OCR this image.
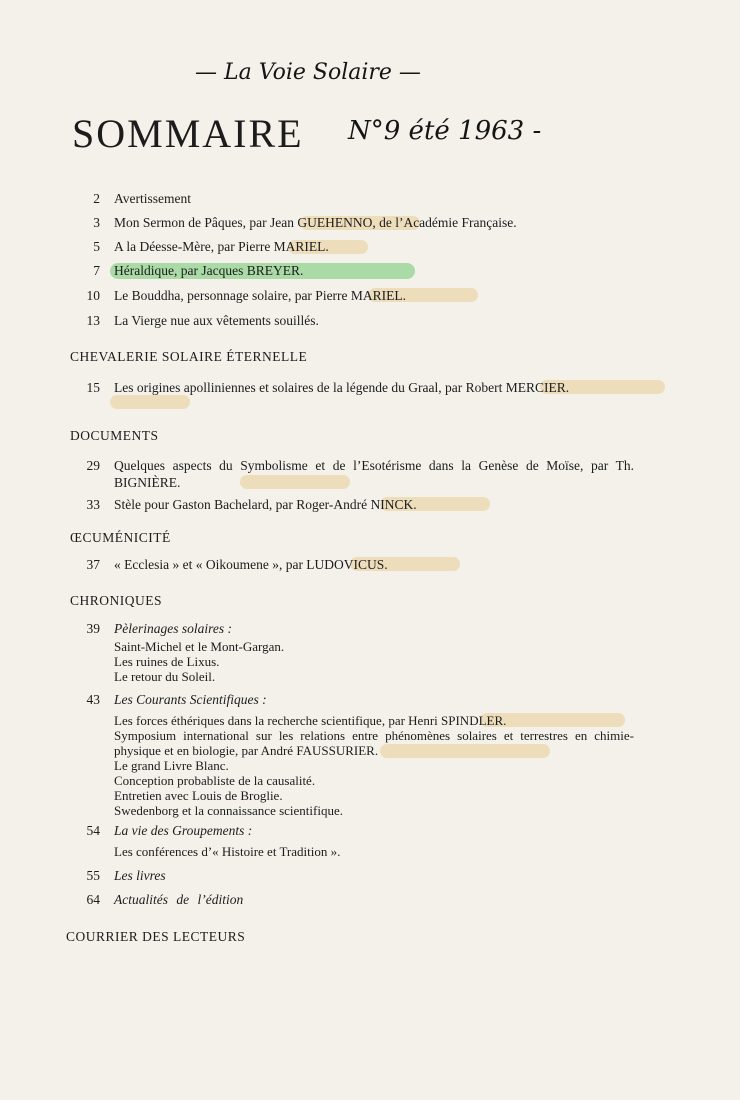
— La Voie Solaire —
N°9 été 1963 -
SOMMAIRE
2 Avertissement
3 Mon Sermon de Pâques, par Jean GUEHENNO, de l’Académie Française.
5 A la Déesse-Mère, par Pierre MARIEL.
7 Héraldique, par Jacques BREYER.
10 Le Bouddha, personnage solaire, par Pierre MARIEL.
13 La Vierge nue aux vêtements souillés.
CHEVALERIE SOLAIRE ÉTERNELLE
15 Les origines apolliniennes et solaires de la légende du Graal, par Robert MERCIER.
DOCUMENTS
29 Quelques aspects du Symbolisme et de l’Esotérisme dans la Genèse de Moïse, par Th. BIGNIÈRE.
33 Stèle pour Gaston Bachelard, par Roger-André NINCK.
ŒCUMÉNICITÉ
37 « Ecclesia » et « Oikoumene », par LUDOVICUS.
CHRONIQUES
39 Pèlerinages solaires :
Saint-Michel et le Mont-Gargan.
Les ruines de Lixus.
Le retour du Soleil.
43 Les Courants Scientifiques :
Les forces éthériques dans la recherche scientifique, par Henri SPINDLER.
Symposium international sur les relations entre phénomènes solaires et terrestres en chimie-physique et en biologie, par André FAUSSURIER.
Le grand Livre Blanc.
Conception probabliste de la causalité.
Entretien avec Louis de Broglie.
Swedenborg et la connaissance scientifique.
54 La vie des Groupements :
Les conférences d’« Histoire et Tradition ».
55 Les livres
64 Actualités de l’édition
COURRIER DES LECTEURS
